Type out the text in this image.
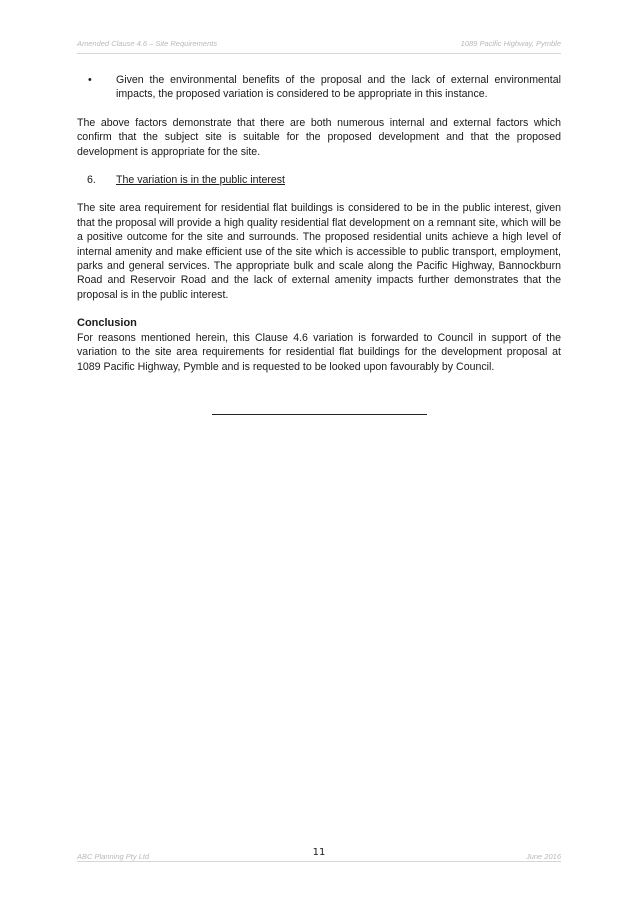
Amended Clause 4.6 – Site Requirements	1089 Pacific Highway, Pymble
• Given the environmental benefits of the proposal and the lack of external environmental impacts, the proposed variation is considered to be appropriate in this instance.

The above factors demonstrate that there are both numerous internal and external factors which confirm that the subject site is suitable for the proposed development and that the proposed development is appropriate for the site.

6. The variation is in the public interest

The site area requirement for residential flat buildings is considered to be in the public interest, given that the proposal will provide a high quality residential flat development on a remnant site, which will be a positive outcome for the site and surrounds. The proposed residential units achieve a high level of internal amenity and make efficient use of the site which is accessible to public transport, employment, parks and general services. The appropriate bulk and scale along the Pacific Highway, Bannockburn Road and Reservoir Road and the lack of external amenity impacts further demonstrates that the proposal is in the public interest.

Conclusion

For reasons mentioned herein, this Clause 4.6 variation is forwarded to Council in support of the variation to the site area requirements for residential flat buildings for the development proposal at 1089 Pacific Highway, Pymble and is requested to be looked upon favourably by Council.

ABC Planning Pty Ltd	11	June 2016
